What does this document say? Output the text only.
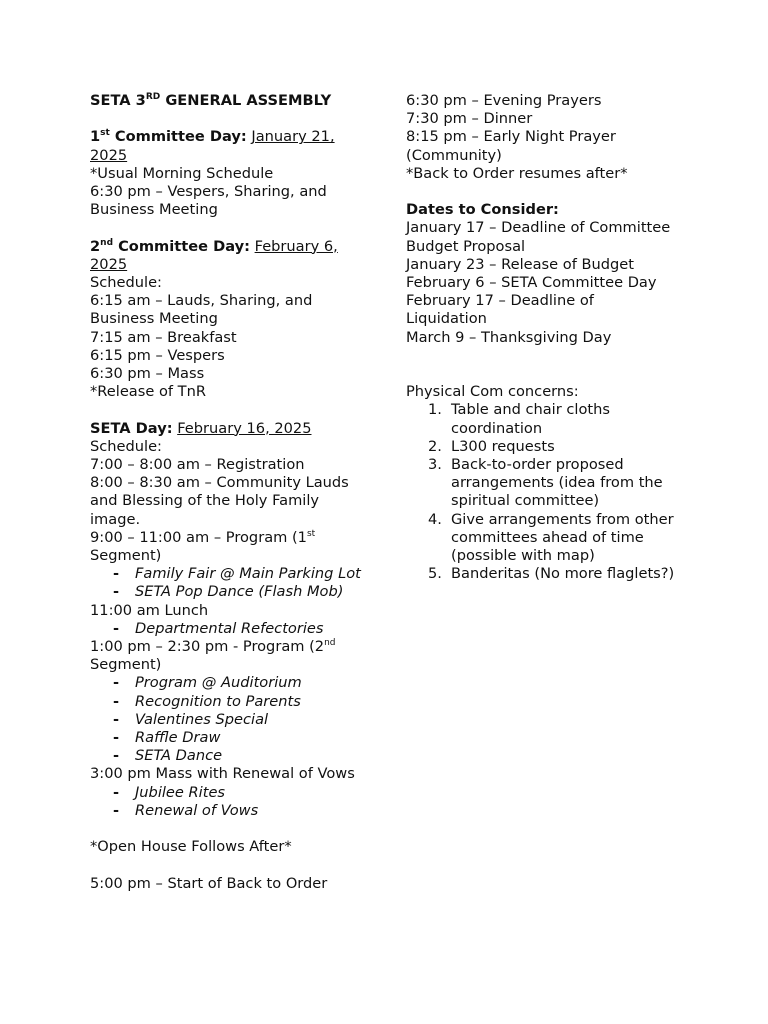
SETA 3RD GENERAL ASSEMBLY
1st Committee Day: January 21, 2025
*Usual Morning Schedule
6:30 pm – Vespers, Sharing, and Business Meeting
2nd Committee Day: February 6, 2025
Schedule:
6:15 am – Lauds, Sharing, and Business Meeting
7:15 am – Breakfast
6:15 pm – Vespers
6:30 pm – Mass
*Release of TnR
SETA Day: February 16, 2025
Schedule:
7:00 – 8:00 am – Registration
8:00 – 8:30 am – Community Lauds and Blessing of the Holy Family image.
9:00 – 11:00 am – Program (1st Segment)
-	Family Fair @ Main Parking Lot
-	SETA Pop Dance (Flash Mob)
11:00 am Lunch
-	Departmental Refectories
1:00 pm – 2:30 pm - Program (2nd Segment)
-	Program @ Auditorium
-	Recognition to Parents
-	Valentines Special
-	Raffle Draw
-	SETA Dance
3:00 pm Mass with Renewal of Vows
-	Jubilee Rites
-	Renewal of Vows
*Open House Follows After*
5:00 pm – Start of Back to Order
6:30 pm – Evening Prayers
7:30 pm – Dinner
8:15 pm – Early Night Prayer (Community)
*Back to Order resumes after*
Dates to Consider:
January 17 – Deadline of Committee Budget Proposal
January 23 – Release of Budget
February 6 – SETA Committee Day
February 17 – Deadline of Liquidation
March 9 – Thanksgiving Day
Physical Com concerns:
1. Table and chair cloths coordination
2. L300 requests
3. Back-to-order proposed arrangements (idea from the spiritual committee)
4. Give arrangements from other committees ahead of time (possible with map)
5. Banderitas (No more flaglets?)
